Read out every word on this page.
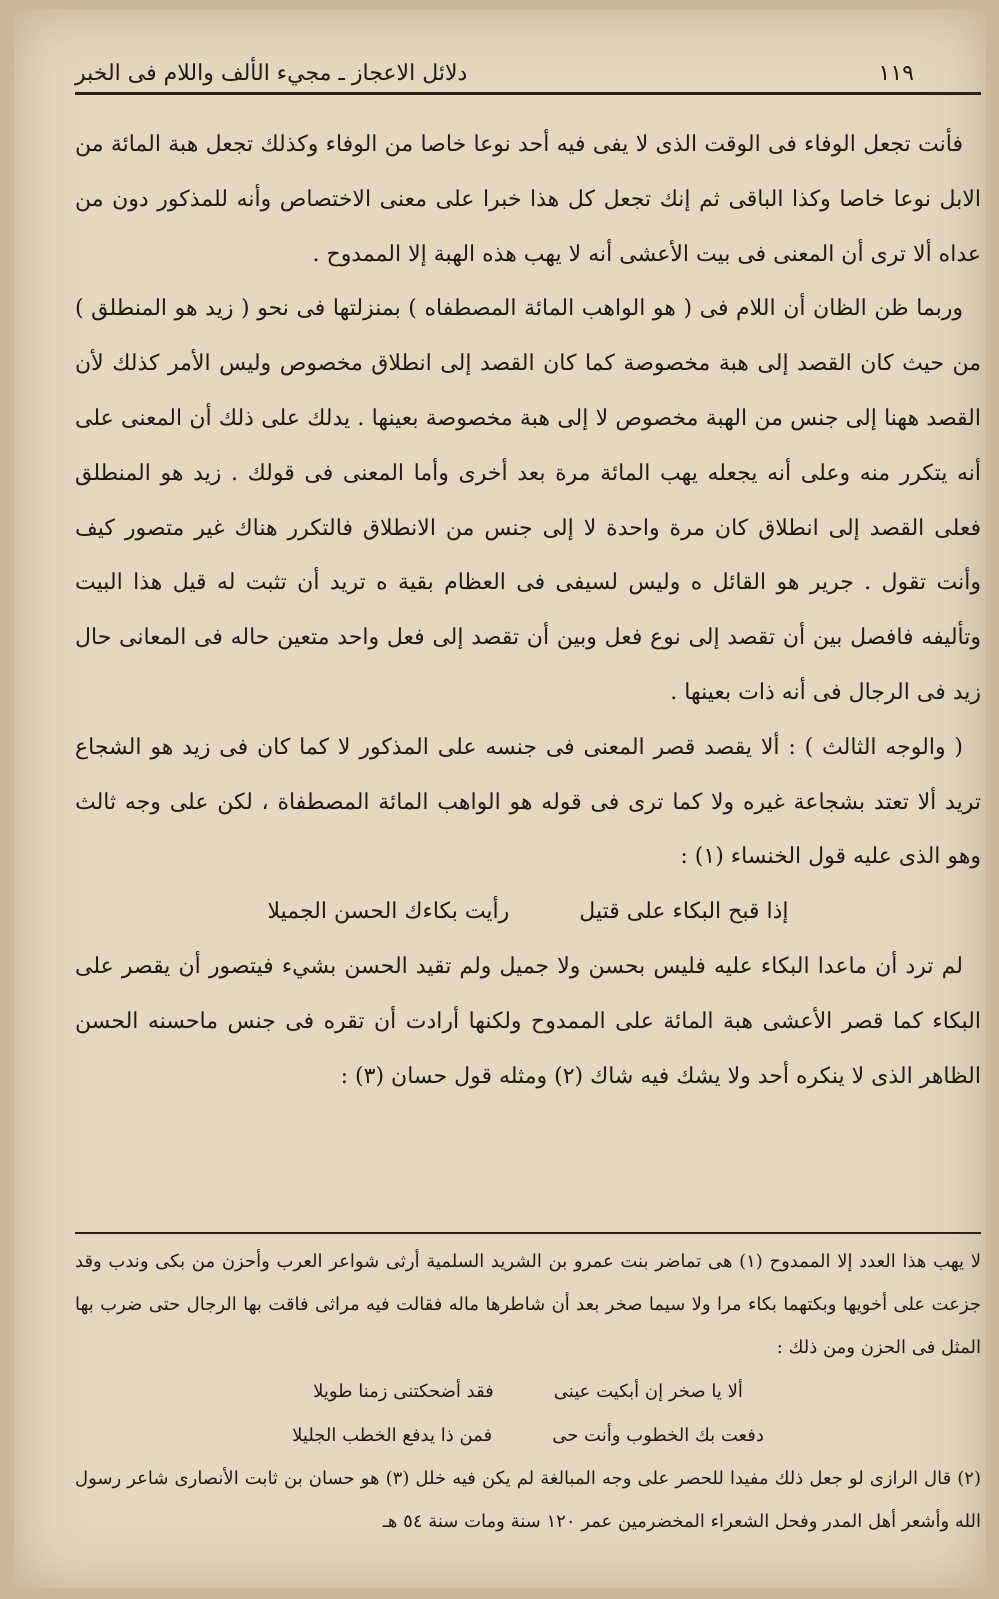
دلائل الاعجاز ـ مجيء الألف واللام فى الخبر	١١٩

فأنت تجعل الوفاء فى الوقت الذى لا يفى فيه أحد نوعا خاصا من الوفاء وكذلك تجعل هبة المائة من الابل نوعا خاصا وكذا الباقى ثم إنك تجعل كل هذا خبرا على معنى الاختصاص وأنه للمذكور دون من عداه ألا ترى أن المعنى فى بيت الأعشى أنه لا يهب هذه الهبة إلا الممدوح .

وربما ظن الظان أن اللام فى ( هو الواهب المائة المصطفاه ) بمنزلتها فى نحو ( زيد هو المنطلق ) من حيث كان القصد إلى هبة مخصوصة كما كان القصد إلى انطلاق مخصوص وليس الأمر كذلك لأن القصد ههنا إلى جنس من الهبة مخصوص لا إلى هبة مخصوصة بعينها . يدلك على ذلك أن المعنى على أنه يتكرر منه وعلى أنه يجعله يهب المائة مرة بعد أخرى وأما المعنى فى قولك . زيد هو المنطلق فعلى القصد إلى انطلاق كان مرة واحدة لا إلى جنس من الانطلاق فالتكرر هناك غير متصور كيف وأنت تقول . جرير هو القائل ه وليس لسيفى فى العظام بقية ه تريد أن تثبت له قيل هذا البيت وتأليفه فافصل بين أن تقصد إلى نوع فعل وبين أن تقصد إلى فعل واحد متعين حاله فى المعانى حال زيد فى الرجال فى أنه ذات بعينها .

( والوجه الثالث ) : ألا يقصد قصر المعنى فى جنسه على المذكور لا كما كان فى زيد هو الشجاع تريد ألا تعتد بشجاعة غيره ولا كما ترى فى قوله هو الواهب المائة المصطفاة ، لكن على وجه ثالث وهو الذى عليه قول الخنساء (١) :

إذا قبح البكاء على قتيل
رأيت بكاءك الحسن الجميلا

لم ترد أن ماعدا البكاء عليه فليس بحسن ولا جميل ولم تقيد الحسن بشيء فيتصور أن يقصر على البكاء كما قصر الأعشى هبة المائة على الممدوح ولكنها أرادت أن تقره فى جنس ماحسنه الحسن الظاهر الذى لا ينكره أحد ولا يشك فيه شاك (٢) ومثله قول حسان (٣) :

لا يهب هذا العدد إلا الممدوح (١) هى تماضر بنت عمرو بن الشريد السلمية أرثى شواعر العرب وأحزن من بكى وندب وقد جزعت على أخويها وبكتهما بكاء مرا ولا سيما صخر بعد أن شاطرها ماله فقالت فيه مراثى فاقت بها الرجال حتى ضرب بها المثل فى الحزن ومن ذلك :

ألا يا صخر إن أبكيت عينى
فقد أضحكتنى زمنا طويلا
دفعت بك الخطوب وأنت حى
فمن ذا يدفع الخطب الجليلا

(٢) قال الرازى لو جعل ذلك مفيدا للحصر على وجه المبالغة لم يكن فيه خلل (٣) هو حسان بن ثابت الأنصارى شاعر رسول الله وأشعر أهل المدر وفحل الشعراء المخضرمين عمر ١٢٠ سنة ومات سنة ٥٤ هـ
